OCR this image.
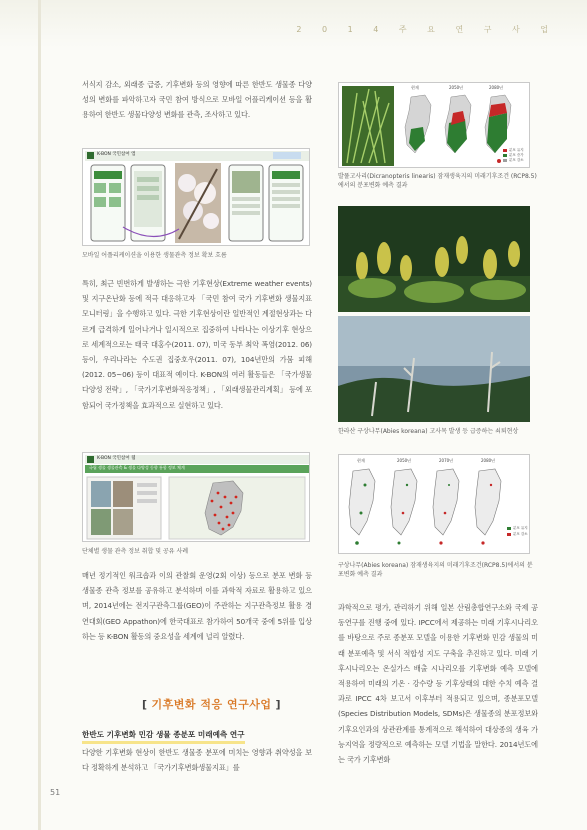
2 0 1 4 주 요 연 구 사 업
서식지 감소, 외래종 급증, 기후변화 등의 영향에 따른 한반도 생물종 다양성의 변화를 파악하고자 국민 참여 방식으로 모바일 어플리케이션 등을 활용하여 한반도 생물다양성 변화를 관측, 조사하고 있다.
K-BON 국민참여 앱
모바일 어플리케이션을 이용한 생물관측 정보 확보 흐름
특히, 최근 빈번하게 발생하는 극한 기후현상(Extreme weather events) 및 지구온난화 등에 적극 대응하고자 「국민 참여 국가 기후변화 생물지표 모니터링」을 수행하고 있다. 극한 기후현상이란 일반적인 계절현상과는 다르게 급격하게 일어나거나 일시적으로 집중하여 나타나는 이상기후 현상으로 세계적으로는 태국 대홍수(2011. 07), 미국 동부 최악 폭염(2012. 06) 등이, 우리나라는 수도권 집중호우(2011. 07), 104년만의 가뭄 피해(2012. 05~06) 등이 대표적 예이다. K-BON의 여러 활동들은 「국가생물다양성 전략」, 「국가기후변화적응정책」, 「외래생물관리계획」 등에 포함되어 국가정책을 효과적으로 실현하고 있다.
K-BON 국민참여 웹
국립 생물 생물관측 & 생물 다양성 동향 통합 정보 체계
단체별 생물 관측 정보 취합 및 공유 사례
매년 정기적인 워크숍과 이의 관찰회 운영(2회 이상) 등으로 분포 변화 등 생물종 관측 정보를 공유하고 분석하며 이를 과학적 자료로 활용하고 있으며, 2014년에는 전지구관측그룹(GEO)이 주관하는 지구관측정보 활용 경연대회(GEO Appathon)에 한국대표로 참가하여 50개국 중에 5위를 입상하는 등 K-BON 활동의 중요성을 세계에 널리 알렸다.
[ 기후변화 적응 연구사업 ]
한반도 기후변화 민감 생물 종분포 미래예측 연구
다양한 기후변화 현상이 한반도 생물종 분포에 미치는 영향과 취약성을 보다 정확하게 분석하고 「국가기후변화생물지표」를
현재	2050년	2080년
분포 유지
분포 증가
분포 감소
발풀고사리(Dicranopteris linearis) 잠재생육지의 미래기후조건 (RCP8.5)에서의 분포변화 예측 결과
한라산 구상나무(Abies koreana) 고사목 발생 등 급증하는 쇠퇴현상
현재	2050년	2070년	2080년
분포 유지
분포 감소
구상나무(Abies koreana) 잠재생육지의 미래기후조건(RCP8.5)에서의 분포변화 예측 결과
과학적으로 평가, 관리하기 위해 일본 산림총합연구소와 국제 공동연구를 진행 중에 있다. IPCC에서 제공하는 미래 기후시나리오를 바탕으로 주로 종분포 모델을 이용한 기후변화 민감 생물의 미래 분포예측 및 서식 적합성 지도 구축을 추진하고 있다. 미래 기후시나리오는 온실가스 배출 시나리오를 기후변화 예측 모델에 적용하여 미래의 기온 · 강수량 등 기후상태의 대한 수치 예측 결과로 IPCC 4차 보고서 이후부터 적용되고 있으며, 종분포모델(Species Distribution Models, SDMs)은 생물종의 분포정보와 기후요인과의 상관관계를 통계적으로 해석하여 대상종의 생육 가능지역을 정량적으로 예측하는 모델 기법을 말한다. 2014년도에는 국가 기후변화
51
